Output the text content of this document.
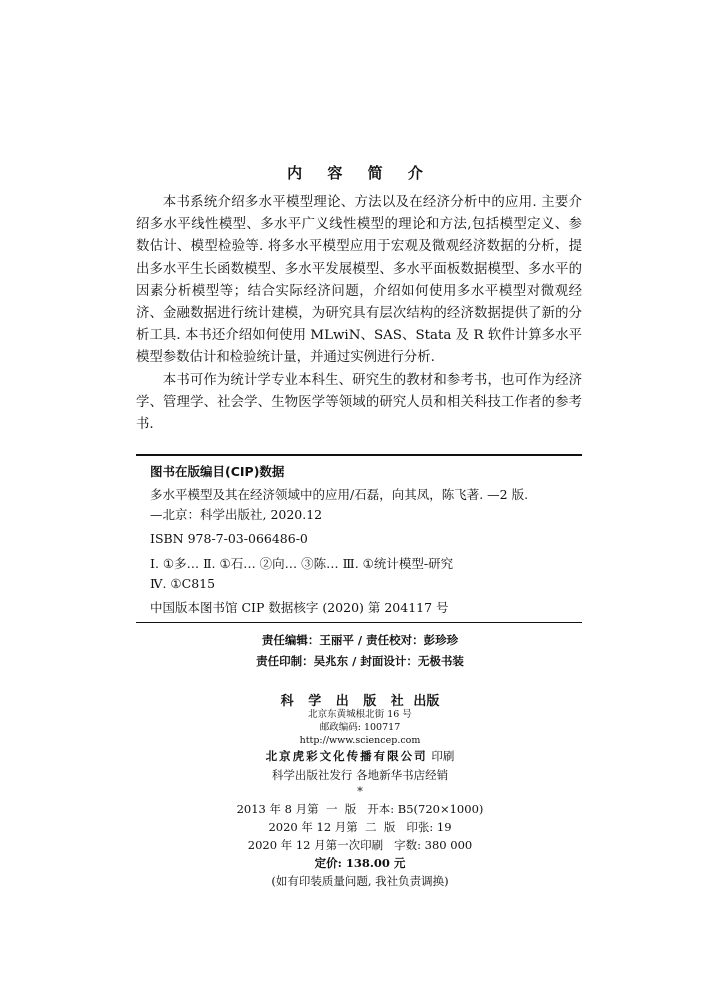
内 容 简 介

本书系统介绍多水平模型理论、方法以及在经济分析中的应用. 主要介绍多水平线性模型、多水平广义线性模型的理论和方法,包括模型定义、参数估计、模型检验等. 将多水平模型应用于宏观及微观经济数据的分析，提出多水平生长函数模型、多水平发展模型、多水平面板数据模型、多水平的因素分析模型等；结合实际经济问题，介绍如何使用多水平模型对微观经济、金融数据进行统计建模，为研究具有层次结构的经济数据提供了新的分析工具. 本书还介绍如何使用 MLwiN、SAS、Stata 及 R 软件计算多水平模型参数估计和检验统计量，并通过实例进行分析.

本书可作为统计学专业本科生、研究生的教材和参考书，也可作为经济学、管理学、社会学、生物医学等领域的研究人员和相关科技工作者的参考书.

图书在版编目(CIP)数据
多水平模型及其在经济领域中的应用/石磊，向其凤，陈飞著. —2 版.
—北京：科学出版社, 2020.12
ISBN 978-7-03-066486-0
Ⅰ. ①多… Ⅱ. ①石… ②向… ③陈… Ⅲ. ①统计模型-研究
Ⅳ. ①C815
中国版本图书馆 CIP 数据核字 (2020) 第 204117 号
责任编辑：王丽平 / 责任校对：彭珍珍
责任印制：吴兆东 / 封面设计：无极书装
科 学 出 版 社 出版
北京东黄城根北街 16 号
邮政编码: 100717
http://www.sciencep.com
北京虎彩文化传播有限公司 印刷
科学出版社发行 各地新华书店经销
*
2013 年 8 月第  一  版   开本: B5(720×1000)
2020 年 12 月第  二  版   印张: 19
2020 年 12 月第一次印刷   字数: 380 000
定价: 138.00 元
(如有印装质量问题, 我社负责调换)
